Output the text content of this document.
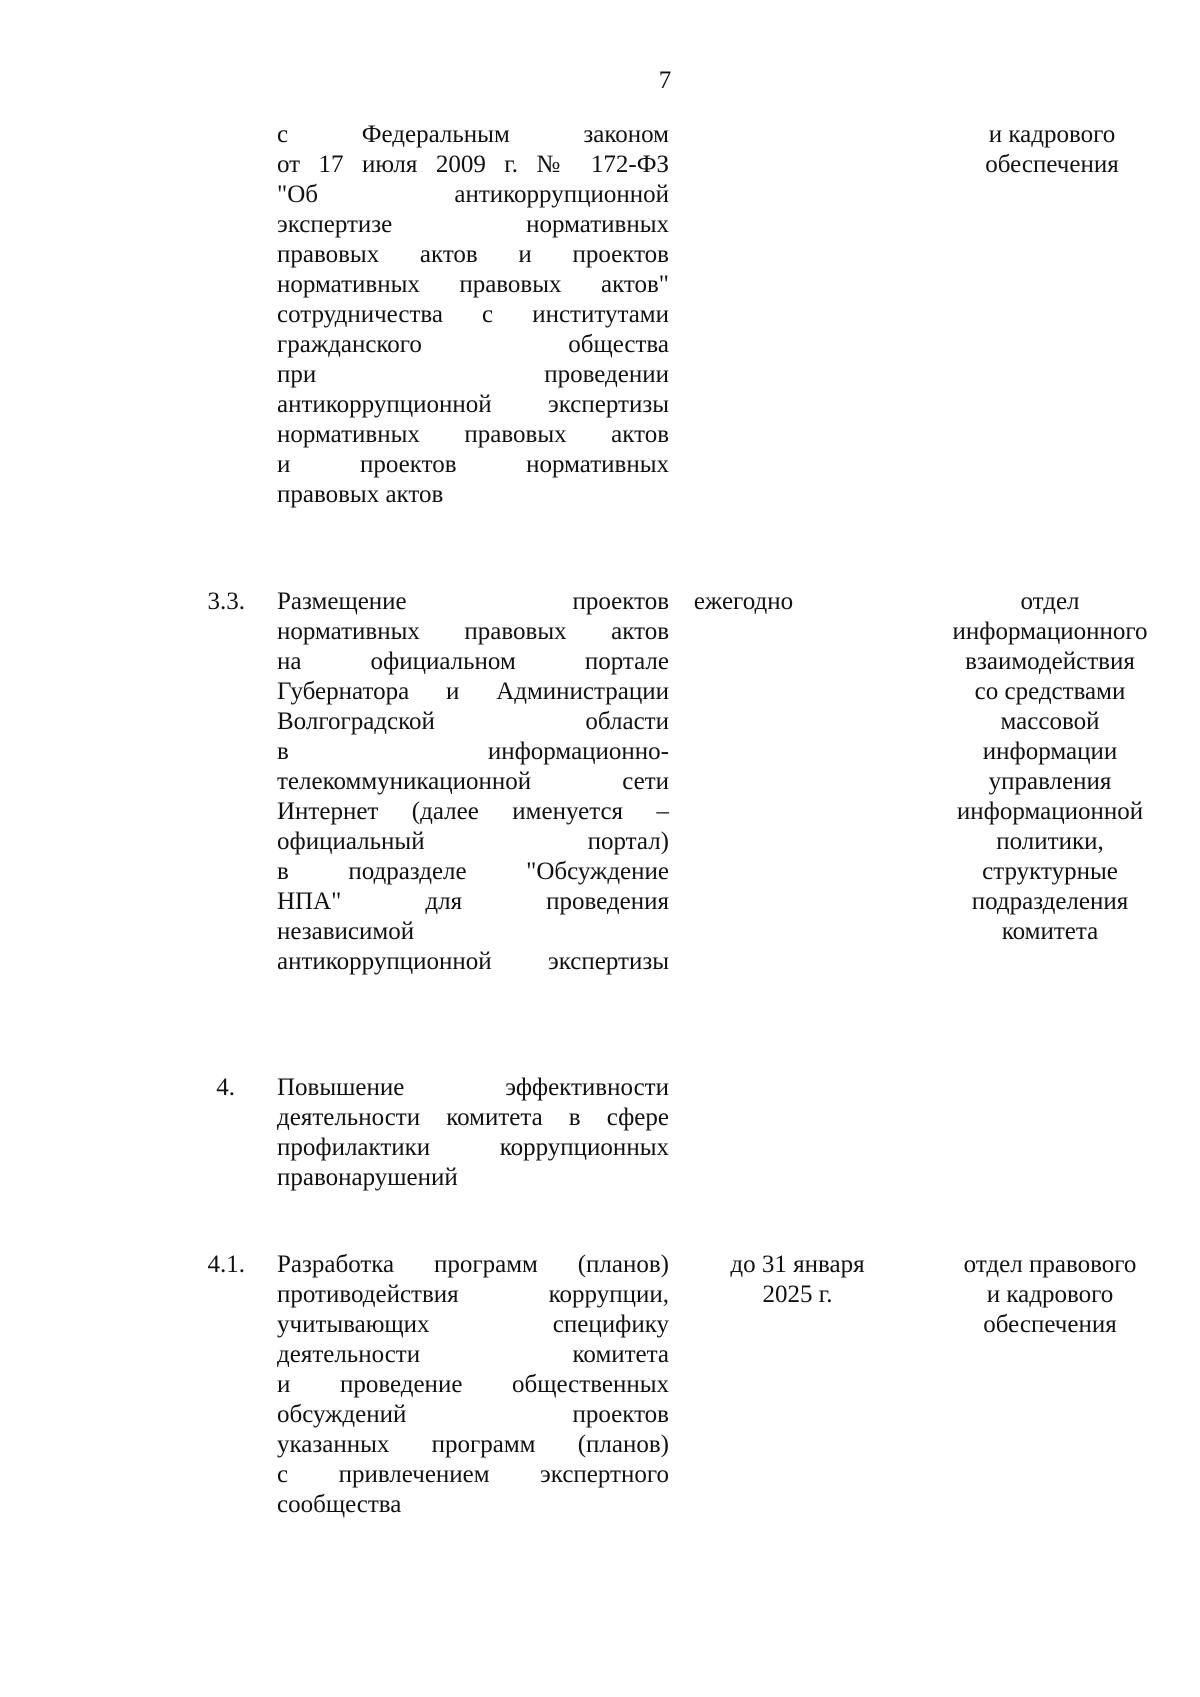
7
с Федеральным законом
от 17 июля 2009 г. № 172-ФЗ
"Об антикоррупционной
экспертизе нормативных
правовых актов и проектов
нормативных правовых актов"
сотрудничества с институтами
гражданского общества
при проведении
антикоррупционной экспертизы
нормативных правовых актов
и проектов нормативных
правовых актов
и кадрового
обеспечения
3.3. Размещение проектов
нормативных правовых актов
на официальном портале
Губернатора и Администрации
Волгоградской области
в информационно-
телекоммуникационной сети
Интернет (далее именуется –
официальный портал)
в подразделе "Обсуждение
НПА" для проведения
независимой
антикоррупционной экспертизы
ежегодно	отдел
информационного
взаимодействия
со средствами
массовой
информации
управления
информационной
политики,
структурные
подразделения
комитета
4. Повышение эффективности
деятельности комитета в сфере
профилактики коррупционных
правонарушений
4.1. Разработка программ (планов)
противодействия коррупции,
учитывающих специфику
деятельности комитета
и проведение общественных
обсуждений проектов
указанных программ (планов)
с привлечением экспертного
сообщества
до 31 января
2025 г.
отдел правового
и кадрового
обеспечения
